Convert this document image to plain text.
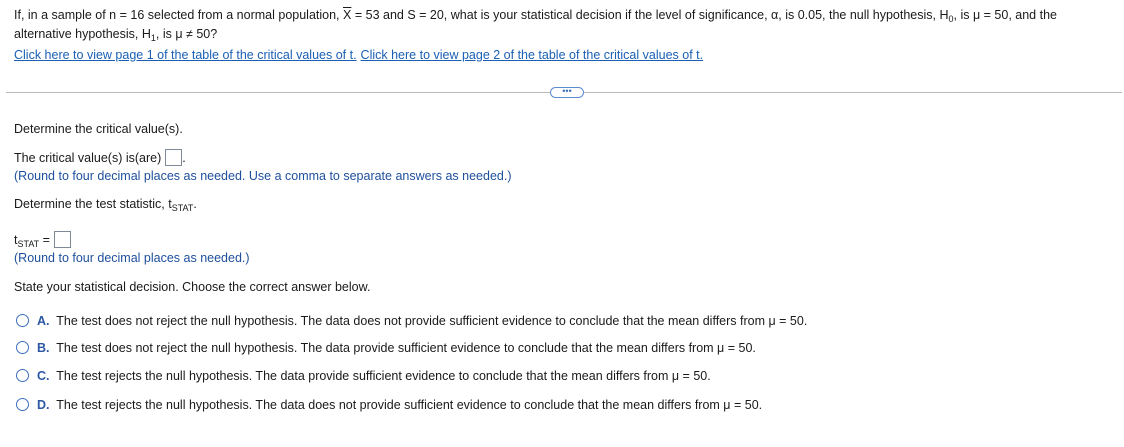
If, in a sample of n = 16 selected from a normal population, $\overline{X} = 53$ and S = 20, what is your statistical decision if the level of significance, α, is 0.05, the null hypothesis, $H_0$, is μ = 50, and the

alternative hypothesis, $H_1$, is μ ≠ 50?

Click here to view page 1 of the table of the critical values of t. Click here to view page 2 of the table of the critical values of t.
•••
Determine the critical value(s).
The critical value(s) is(are) .
(Round to four decimal places as needed. Use a comma to separate answers as needed.)
Determine the test statistic, $t_{STAT}$.
$t_{STAT}$ =
(Round to four decimal places as needed.)
State your statistical decision. Choose the correct answer below.
A. The test does not reject the null hypothesis. The data does not provide sufficient evidence to conclude that the mean differs from μ = 50.
B. The test does not reject the null hypothesis. The data provide sufficient evidence to conclude that the mean differs from μ = 50.
C. The test rejects the null hypothesis. The data provide sufficient evidence to conclude that the mean differs from μ = 50.
D. The test rejects the null hypothesis. The data does not provide sufficient evidence to conclude that the mean differs from μ = 50.
